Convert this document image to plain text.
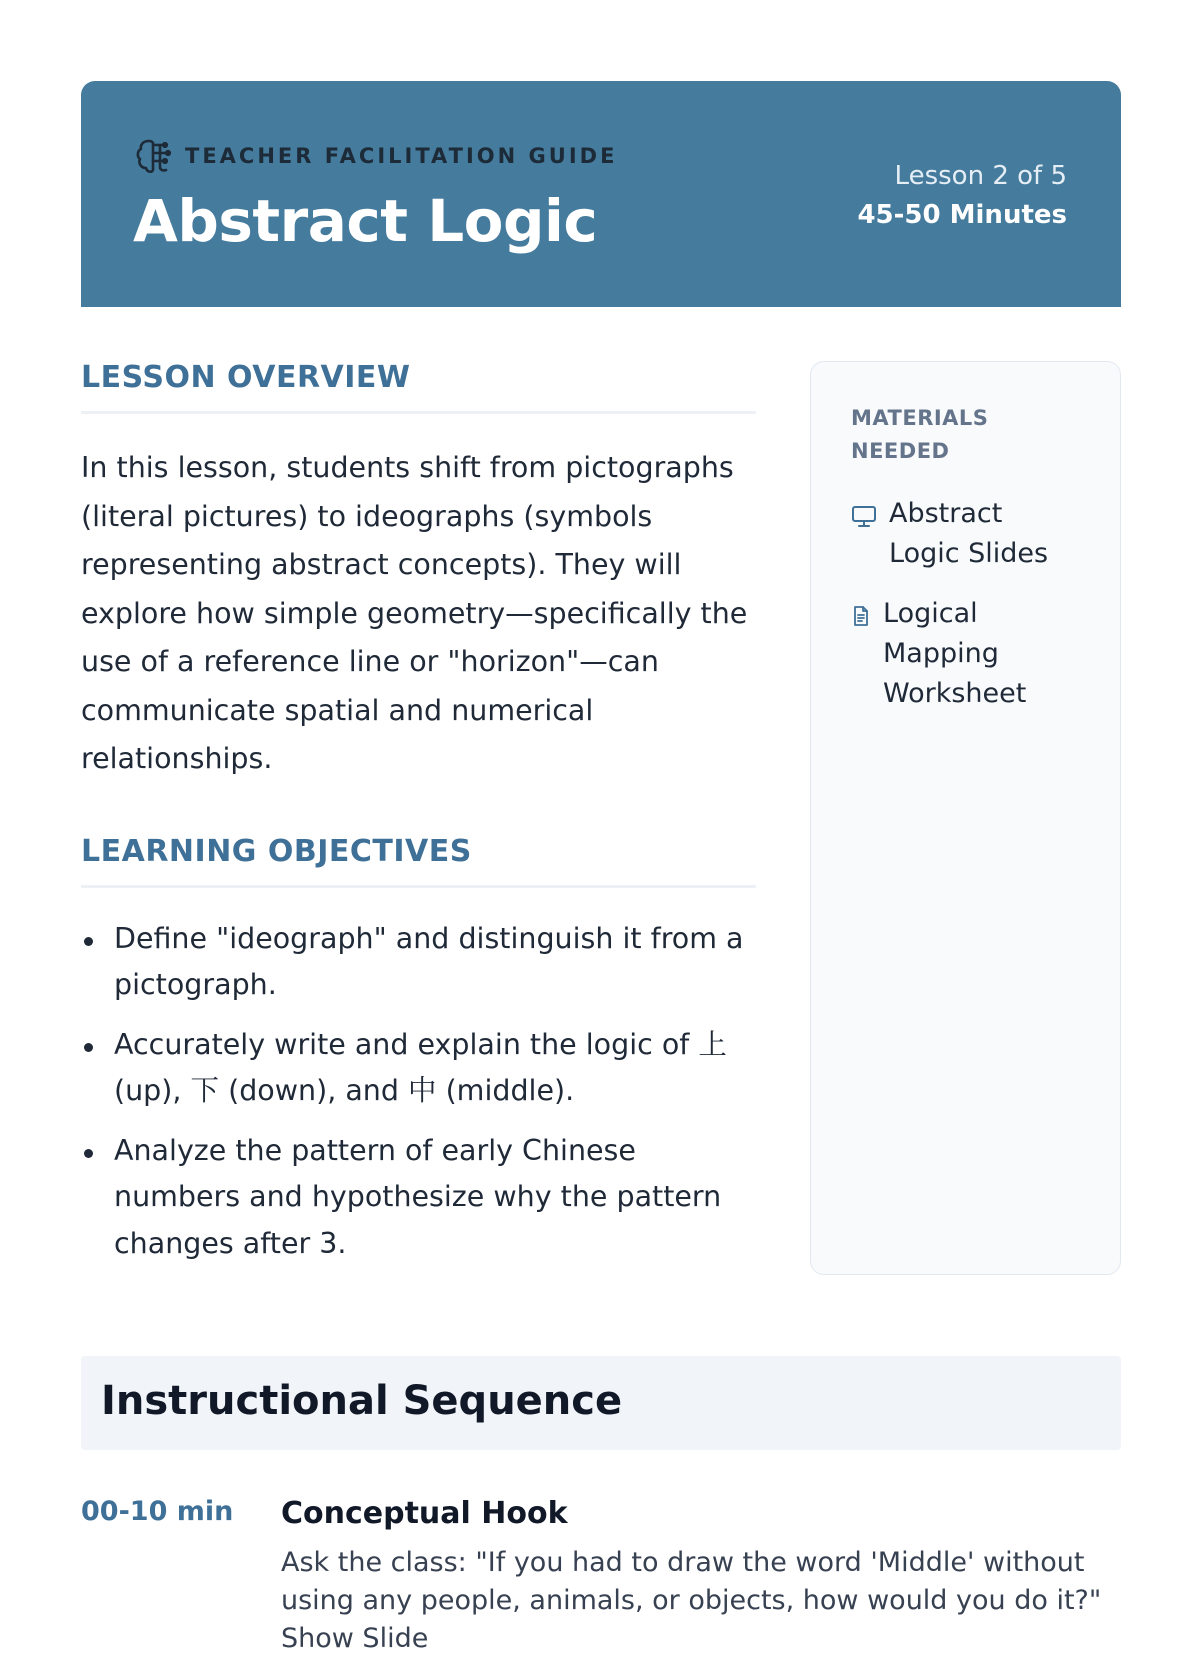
TEACHER FACILITATION GUIDE
Abstract Logic
Lesson 2 of 5
45-50 Minutes
LESSON OVERVIEW

In this lesson, students shift from pictographs (literal pictures) to ideographs (symbols representing abstract concepts). They will explore how simple geometry—specifically the use of a reference line or "horizon"—can communicate spatial and numerical relationships.

LEARNING OBJECTIVES
Define "ideograph" and distinguish it from a pictograph.
Accurately write and explain the logic of 上 (up), 下 (down), and 中 (middle).
Analyze the pattern of early Chinese numbers and hypothesize why the pattern changes after 3.
MATERIALS NEEDED
Abstract Logic Slides
Logical Mapping Worksheet
Instructional Sequence
00-10 min Conceptual Hook
Ask the class: "If you had to draw the word 'Middle' without using any people, animals, or objects, how would you do it?" Show Slide
